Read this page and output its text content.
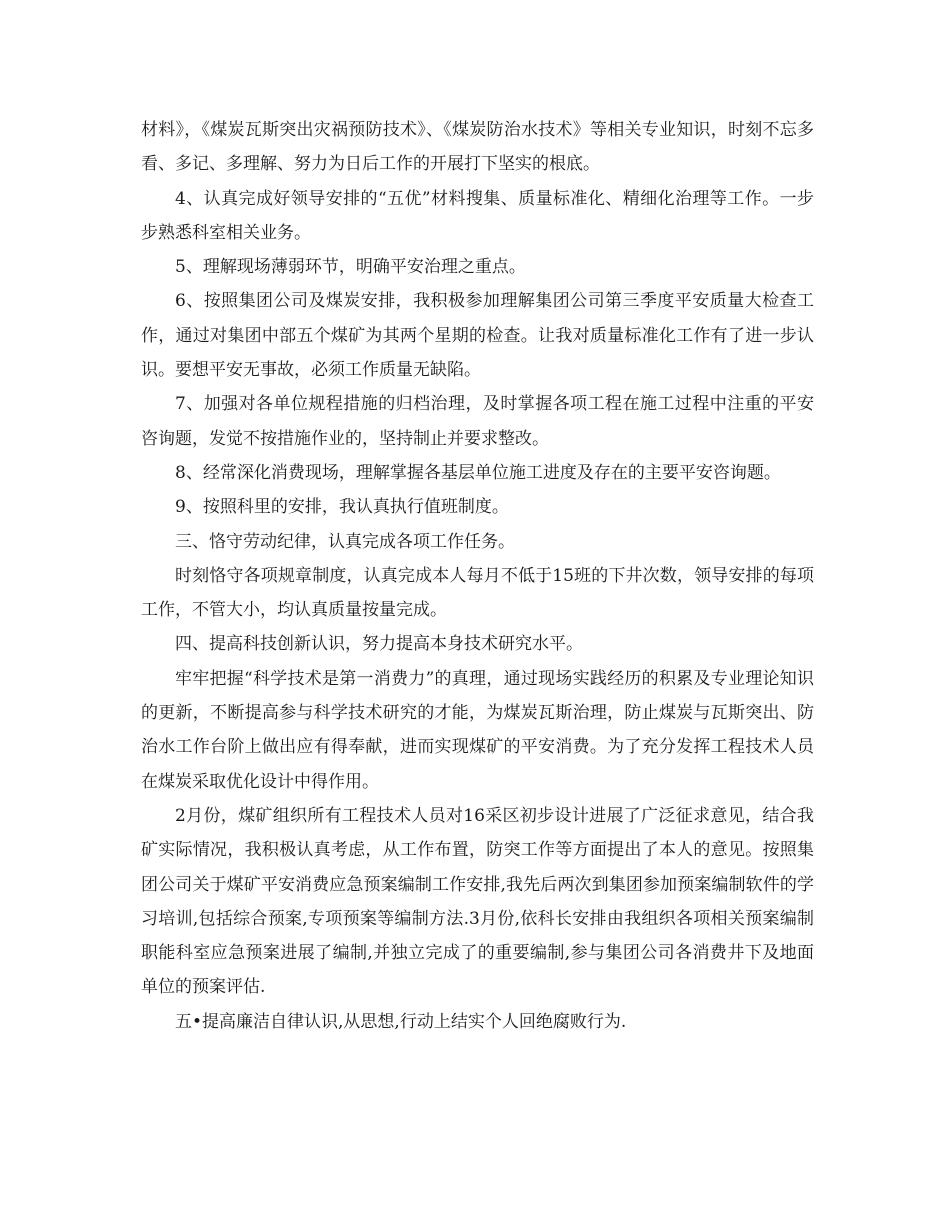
材料》，《煤炭瓦斯突出灾祸预防技术》、《煤炭防治水技术》等相关专业知识，时刻不忘多看、多记、多理解、努力为日后工作的开展打下坚实的根底。

4、认真完成好领导安排的“五优”材料搜集、质量标准化、精细化治理等工作。一步步熟悉科室相关业务。

5、理解现场薄弱环节，明确平安治理之重点。

6、按照集团公司及煤炭安排，我积极参加理解集团公司第三季度平安质量大检查工作，通过对集团中部五个煤矿为其两个星期的检查。让我对质量标准化工作有了进一步认识。要想平安无事故，必须工作质量无缺陷。

7、加强对各单位规程措施的归档治理，及时掌握各项工程在施工过程中注重的平安咨询题，发觉不按措施作业的，坚持制止并要求整改。

8、经常深化消费现场，理解掌握各基层单位施工进度及存在的主要平安咨询题。

9、按照科里的安排，我认真执行值班制度。

三、恪守劳动纪律，认真完成各项工作任务。

时刻恪守各项规章制度，认真完成本人每月不低于15班的下井次数，领导安排的每项工作，不管大小，均认真质量按量完成。

四、提高科技创新认识，努力提高本身技术研究水平。

牢牢把握“科学技术是第一消费力”的真理，通过现场实践经历的积累及专业理论知识的更新，不断提高参与科学技术研究的才能，为煤炭瓦斯治理，防止煤炭与瓦斯突出、防治水工作台阶上做出应有得奉献，进而实现煤矿的平安消费。为了充分发挥工程技术人员在煤炭采取优化设计中得作用。

2月份，煤矿组织所有工程技术人员对16采区初步设计进展了广泛征求意见，结合我矿实际情况，我积极认真考虑，从工作布置，防突工作等方面提出了本人的意见。按照集团公司关于煤矿平安消费应急预案编制工作安排,我先后两次到集团参加预案编制软件的学习培训,包括综合预案,专项预案等编制方法.3月份,依科长安排由我组织各项相关预案编制职能科室应急预案进展了编制,并独立完成了的重要编制,参与集团公司各消费井下及地面单位的预案评估.

五•提高廉洁自律认识,从思想,行动上结实个人回绝腐败行为.
